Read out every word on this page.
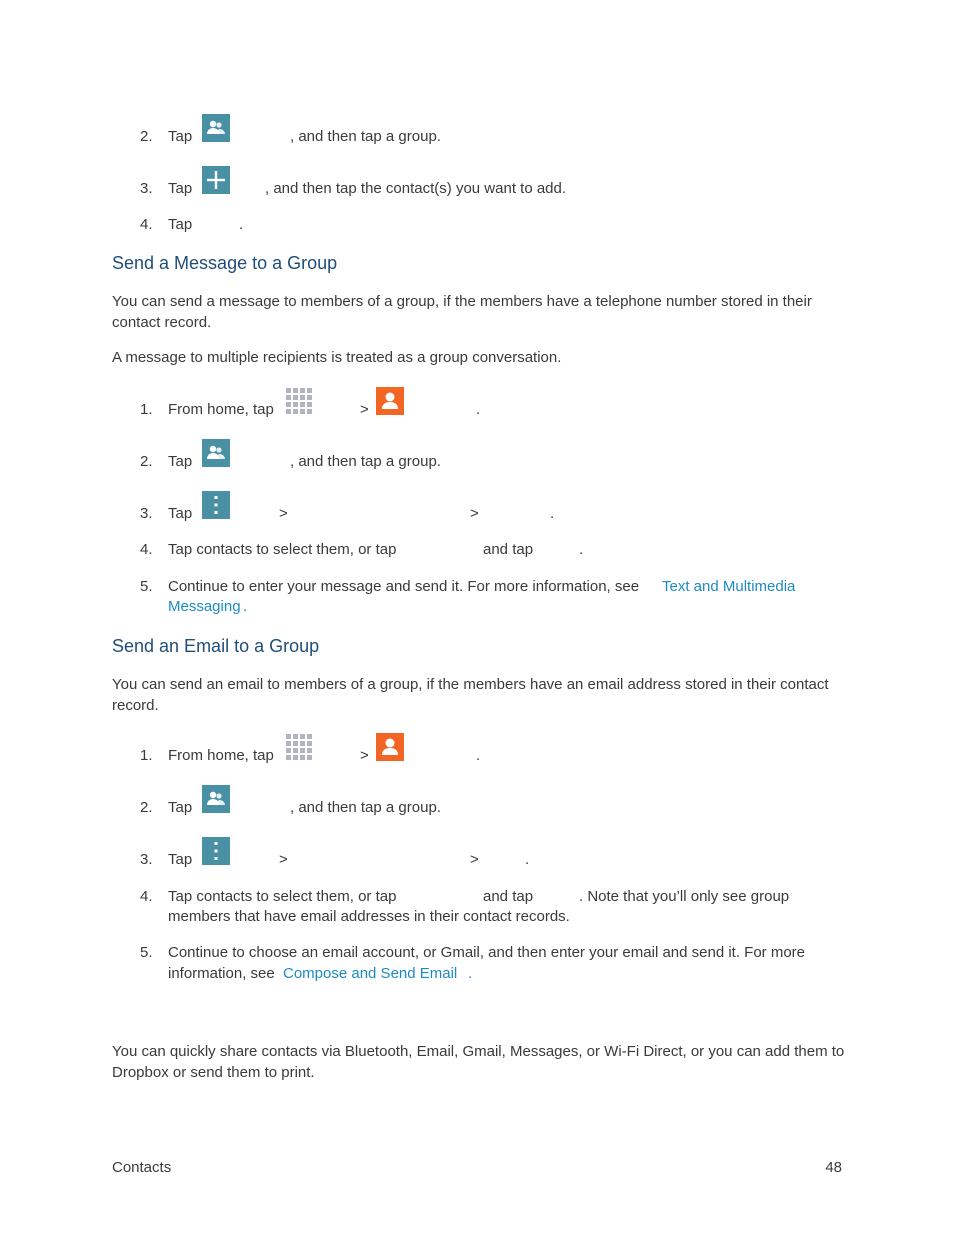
2. Tap	, and then tap a group.
3. Tap	, and then tap the contact(s) you want to add.
4. Tap	.
Send a Message to a Group
You can send a message to members of a group, if the members have a telephone number stored in their contact record.
A message to multiple recipients is treated as a group conversation.
1. From home, tap	>	.
2. Tap	, and then tap a group.
3. Tap	>	>	.
4. Tap contacts to select them, or tap	and tap	.
5. Continue to enter your message and send it. For more information, see Text and Multimedia
Messaging .
Send an Email to a Group
You can send an email to members of a group, if the members have an email address stored in their contact record.
1. From home, tap	>	.
2. Tap	, and then tap a group.
3. Tap	>	>	.
4. Tap contacts to select them, or tap	and tap	. Note that you’ll only see group
members that have email addresses in their contact records.
5. Continue to choose an email account, or Gmail, and then enter your email and send it. For more
information, see Compose and Send Email .
You can quickly share contacts via Bluetooth, Email, Gmail, Messages, or Wi-Fi Direct, or you can add them to Dropbox or send them to print.
Contacts	48
